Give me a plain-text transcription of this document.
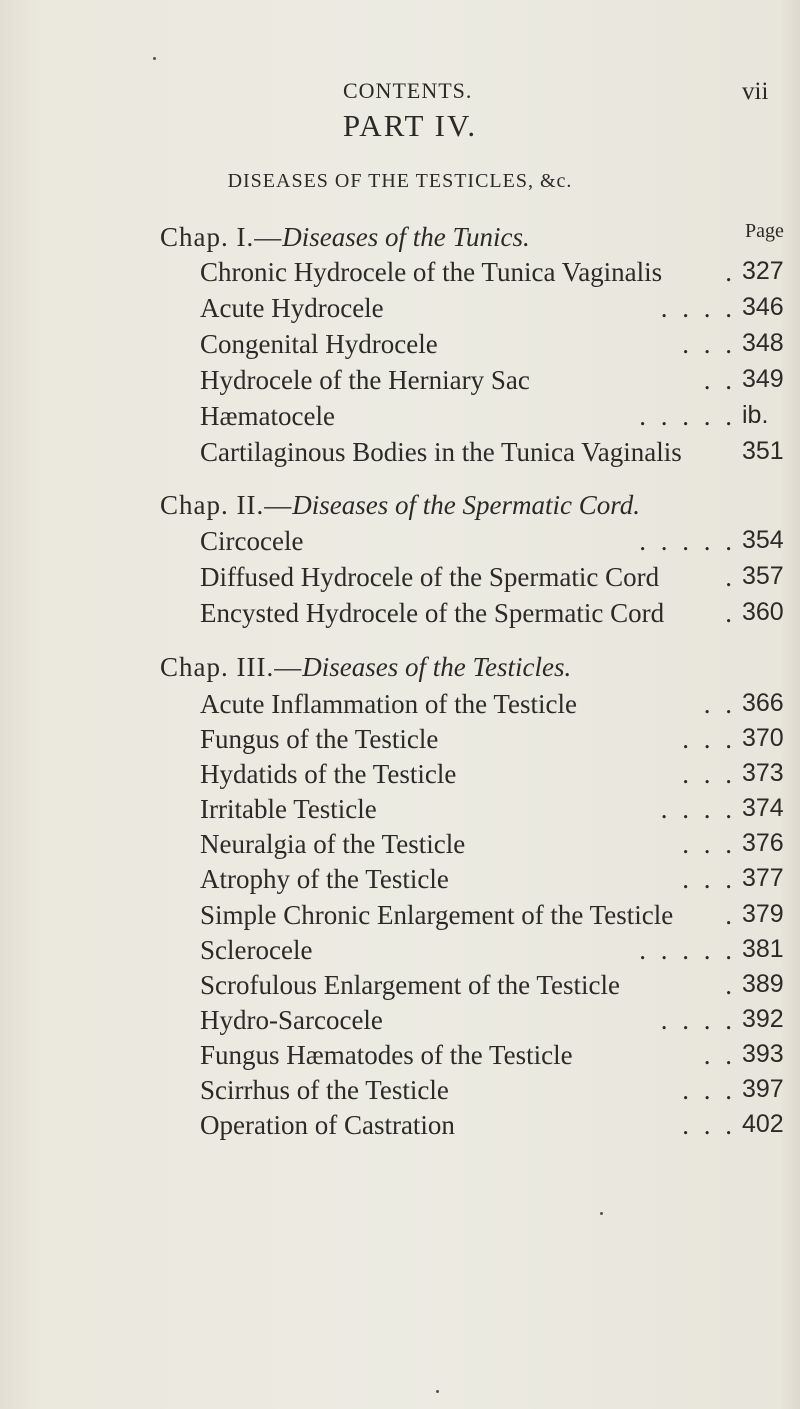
CONTENTS.	vii
PART IV.
DISEASES OF THE TESTICLES, &c.
Page
Chap. I.—Diseases of the Tunics.
Chronic Hydrocele of the Tunica Vaginalis	. 327
Acute Hydrocele	. . . . 346
Congenital Hydrocele	. . . 348
Hydrocele of the Herniary Sac	. . 349
Hæmatocele	. . . . . ib.
Cartilaginous Bodies in the Tunica Vaginalis 351
Chap. II.—Diseases of the Spermatic Cord.
Circocele	. . . . . 354
Diffused Hydrocele of the Spermatic Cord	. 357
Encysted Hydrocele of the Spermatic Cord	. 360
Chap. III.—Diseases of the Testicles.
Acute Inflammation of the Testicle	. . 366
Fungus of the Testicle	. . . 370
Hydatids of the Testicle	. . . 373
Irritable Testicle	. . . . 374
Neuralgia of the Testicle	. . . 376
Atrophy of the Testicle	. . . 377
Simple Chronic Enlargement of the Testicle	. 379
Sclerocele	. . . . . 381
Scrofulous Enlargement of the Testicle	. 389
Hydro-Sarcocele	. . . . 392
Fungus Hæmatodes of the Testicle	. . 393
Scirrhus of the Testicle	. . . 397
Operation of Castration	. . . 402
